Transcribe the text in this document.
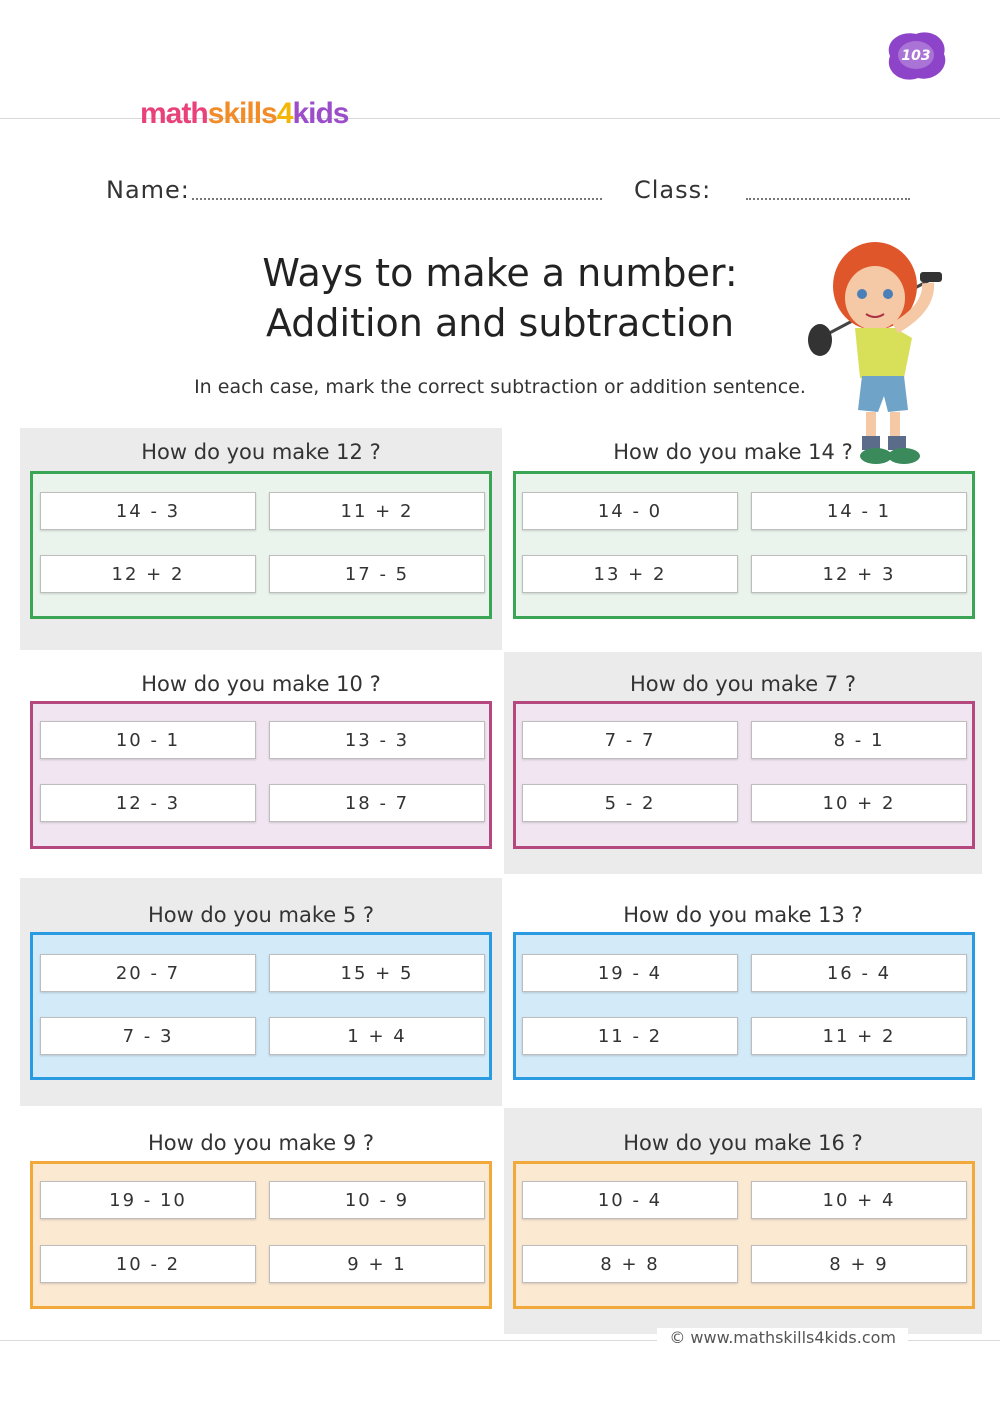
mathskills4kids
103
Name:	Class:
Ways to make a number:
Addition and subtraction
In each case, mark the correct subtraction or addition sentence.
How do you make 12 ?
14 - 3	11 + 2
12 + 2	17 - 5
How do you make 14 ?
14 - 0	14 - 1
13 + 2	12 + 3
How do you make 10 ?
10 - 1	13 - 3
12 - 3	18 - 7
How do you make 7 ?
7 - 7	8 - 1
5 - 2	10 + 2
How do you make 5 ?
20 - 7	15 + 5
7 - 3	1 + 4
How do you make 13 ?
19 - 4	16 - 4
11 - 2	11 + 2
How do you make 9 ?
19 - 10	10 - 9
10 - 2	9 + 1
How do you make 16 ?
10 - 4	10 + 4
8 + 8	8 + 9
© www.mathskills4kids.com
